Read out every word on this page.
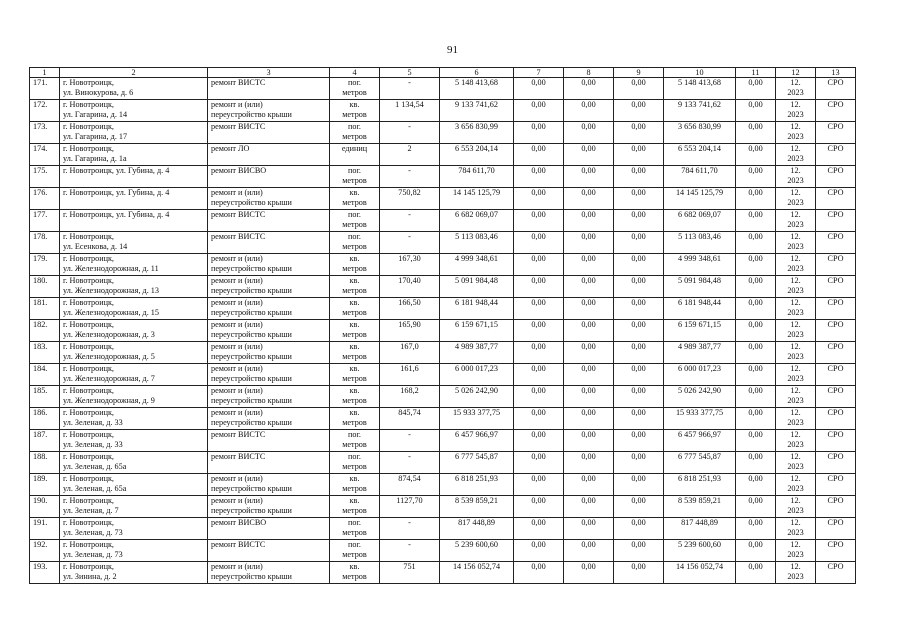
91
1	2	3	4	5	6	7	8	9	10	11	12	13
171.	г. Новотроицк,
ул. Винокурова, д. 6	ремонт ВИСТС	пог.
метров	-	5 148 413,68	0,00	0,00	0,00	5 148 413,68	0,00	12.
2023	СРО
172.	г. Новотроицк,
ул. Гагарина, д. 14	ремонт и (или)
переустройство крыши	кв.
метров	1 134,54	9 133 741,62	0,00	0,00	0,00	9 133 741,62	0,00	12.
2023	СРО
173.	г. Новотроицк,
ул. Гагарина, д. 17	ремонт ВИСТС	пог.
метров	-	3 656 830,99	0,00	0,00	0,00	3 656 830,99	0,00	12.
2023	СРО
174.	г. Новотроицк,
ул. Гагарина, д. 1а	ремонт ЛО	единиц	2	6 553 204,14	0,00	0,00	0,00	6 553 204,14	0,00	12.
2023	СРО
175.	г. Новотроицк, ул. Губина, д. 4	ремонт ВИСВО	пог.
метров	-	784 611,70	0,00	0,00	0,00	784 611,70	0,00	12.
2023	СРО
176.	г. Новотроицк, ул. Губина, д. 4	ремонт и (или)
переустройство крыши	кв.
метров	750,82	14 145 125,79	0,00	0,00	0,00	14 145 125,79	0,00	12.
2023	СРО
177.	г. Новотроицк, ул. Губина, д. 4	ремонт ВИСТС	пог.
метров	-	6 682 069,07	0,00	0,00	0,00	6 682 069,07	0,00	12.
2023	СРО
178.	г. Новотроицк,
ул. Есенкова, д. 14	ремонт ВИСТС	пог.
метров	-	5 113 083,46	0,00	0,00	0,00	5 113 083,46	0,00	12.
2023	СРО
179.	г. Новотроицк,
ул. Железнодорожная, д. 11	ремонт и (или)
переустройство крыши	кв.
метров	167,30	4 999 348,61	0,00	0,00	0,00	4 999 348,61	0,00	12.
2023	СРО
180.	г. Новотроицк,
ул. Железнодорожная, д. 13	ремонт и (или)
переустройство крыши	кв.
метров	170,40	5 091 984,48	0,00	0,00	0,00	5 091 984,48	0,00	12.
2023	СРО
181.	г. Новотроицк,
ул. Железнодорожная, д. 15	ремонт и (или)
переустройство крыши	кв.
метров	166,50	6 181 948,44	0,00	0,00	0,00	6 181 948,44	0,00	12.
2023	СРО
182.	г. Новотроицк,
ул. Железнодорожная, д. 3	ремонт и (или)
переустройство крыши	кв.
метров	165,90	6 159 671,15	0,00	0,00	0,00	6 159 671,15	0,00	12.
2023	СРО
183.	г. Новотроицк,
ул. Железнодорожная, д. 5	ремонт и (или)
переустройство крыши	кв.
метров	167,0	4 989 387,77	0,00	0,00	0,00	4 989 387,77	0,00	12.
2023	СРО
184.	г. Новотроицк,
ул. Железнодорожная, д. 7	ремонт и (или)
переустройство крыши	кв.
метров	161,6	6 000 017,23	0,00	0,00	0,00	6 000 017,23	0,00	12.
2023	СРО
185.	г. Новотроицк,
ул. Железнодорожная, д. 9	ремонт и (или)
переустройство крыши	кв.
метров	168,2	5 026 242,90	0,00	0,00	0,00	5 026 242,90	0,00	12.
2023	СРО
186.	г. Новотроицк,
ул. Зеленая, д. 33	ремонт и (или)
переустройство крыши	кв.
метров	845,74	15 933 377,75	0,00	0,00	0,00	15 933 377,75	0,00	12.
2023	СРО
187.	г. Новотроицк,
ул. Зеленая, д. 33	ремонт ВИСТС	пог.
метров	-	6 457 966,97	0,00	0,00	0,00	6 457 966,97	0,00	12.
2023	СРО
188.	г. Новотроицк,
ул. Зеленая, д. 65а	ремонт ВИСТС	пог.
метров	-	6 777 545,87	0,00	0,00	0,00	6 777 545,87	0,00	12.
2023	СРО
189.	г. Новотроицк,
ул. Зеленая, д. 65а	ремонт и (или)
переустройство крыши	кв.
метров	874,54	6 818 251,93	0,00	0,00	0,00	6 818 251,93	0,00	12.
2023	СРО
190.	г. Новотроицк,
ул. Зеленая, д. 7	ремонт и (или)
переустройство крыши	кв.
метров	1127,70	8 539 859,21	0,00	0,00	0,00	8 539 859,21	0,00	12.
2023	СРО
191.	г. Новотроицк,
ул. Зеленая, д. 73	ремонт ВИСВО	пог.
метров	-	817 448,89	0,00	0,00	0,00	817 448,89	0,00	12.
2023	СРО
192.	г. Новотроицк,
ул. Зеленая, д. 73	ремонт ВИСТС	пог.
метров	-	5 239 600,60	0,00	0,00	0,00	5 239 600,60	0,00	12.
2023	СРО
193.	г. Новотроицк,
ул. Зинина, д. 2	ремонт и (или)
переустройство крыши	кв.
метров	751	14 156 052,74	0,00	0,00	0,00	14 156 052,74	0,00	12.
2023	СРО
